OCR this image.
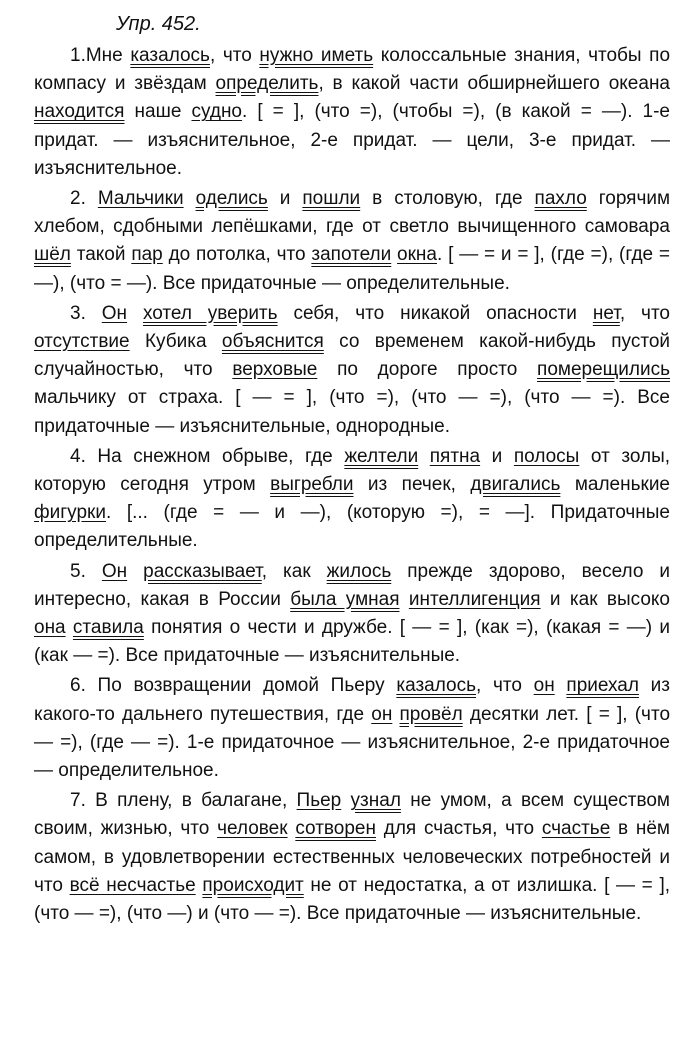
Упр. 452.

1.Мне казалось, что нужно иметь колоссальные знания, чтобы по компасу и звёздам определить, в какой части обширнейшего океана находится наше судно. [ = ], (что =), (чтобы =), (в какой = —). 1-е придат. — изъяснительное, 2-е придат. — цели, 3-е придат. — изъяснительное.

2. Мальчики оделись и пошли в столовую, где пахло горячим хлебом, сдобными лепёшками, где от светло вычищенного самовара шёл такой пар до потолка, что запотели окна. [ — = и = ], (где =), (где = —), (что = —). Все придаточные — определительные.

3. Он хотел уверить себя, что никакой опасности нет, что отсутствие Кубика объяснится со временем какой-нибудь пустой случайностью, что верховые по дороге просто померещились мальчику от страха. [ — = ], (что =), (что — =), (что — =). Все придаточные — изъяснительные, однородные.

4. На снежном обрыве, где желтели пятна и полосы от золы, которую сегодня утром выгребли из печек, двигались маленькие фигурки. [... (где = — и —), (которую =), = —]. Придаточные определительные.

5. Он рассказывает, как жилось прежде здорово, весело и интересно, какая в России была умная интеллигенция и как высоко она ставила понятия о чести и дружбе. [ — = ], (как =), (какая = —) и (как — =). Все придаточные — изъяснительные.

6. По возвращении домой Пьеру казалось, что он приехал из какого-то дальнего путешествия, где он провёл десятки лет. [ = ], (что — =), (где — =). 1-е придаточное — изъяснительное, 2-е придаточное — определительное.

7. В плену, в балагане, Пьер узнал не умом, а всем существом своим, жизнью, что человек сотворен для счастья, что счастье в нём самом, в удовлетворении естественных человеческих потребностей и что всё несчастье происходит не от недостатка, а от излишка. [ — = ], (что — =), (что —) и (что — =). Все придаточные — изъяснительные.
